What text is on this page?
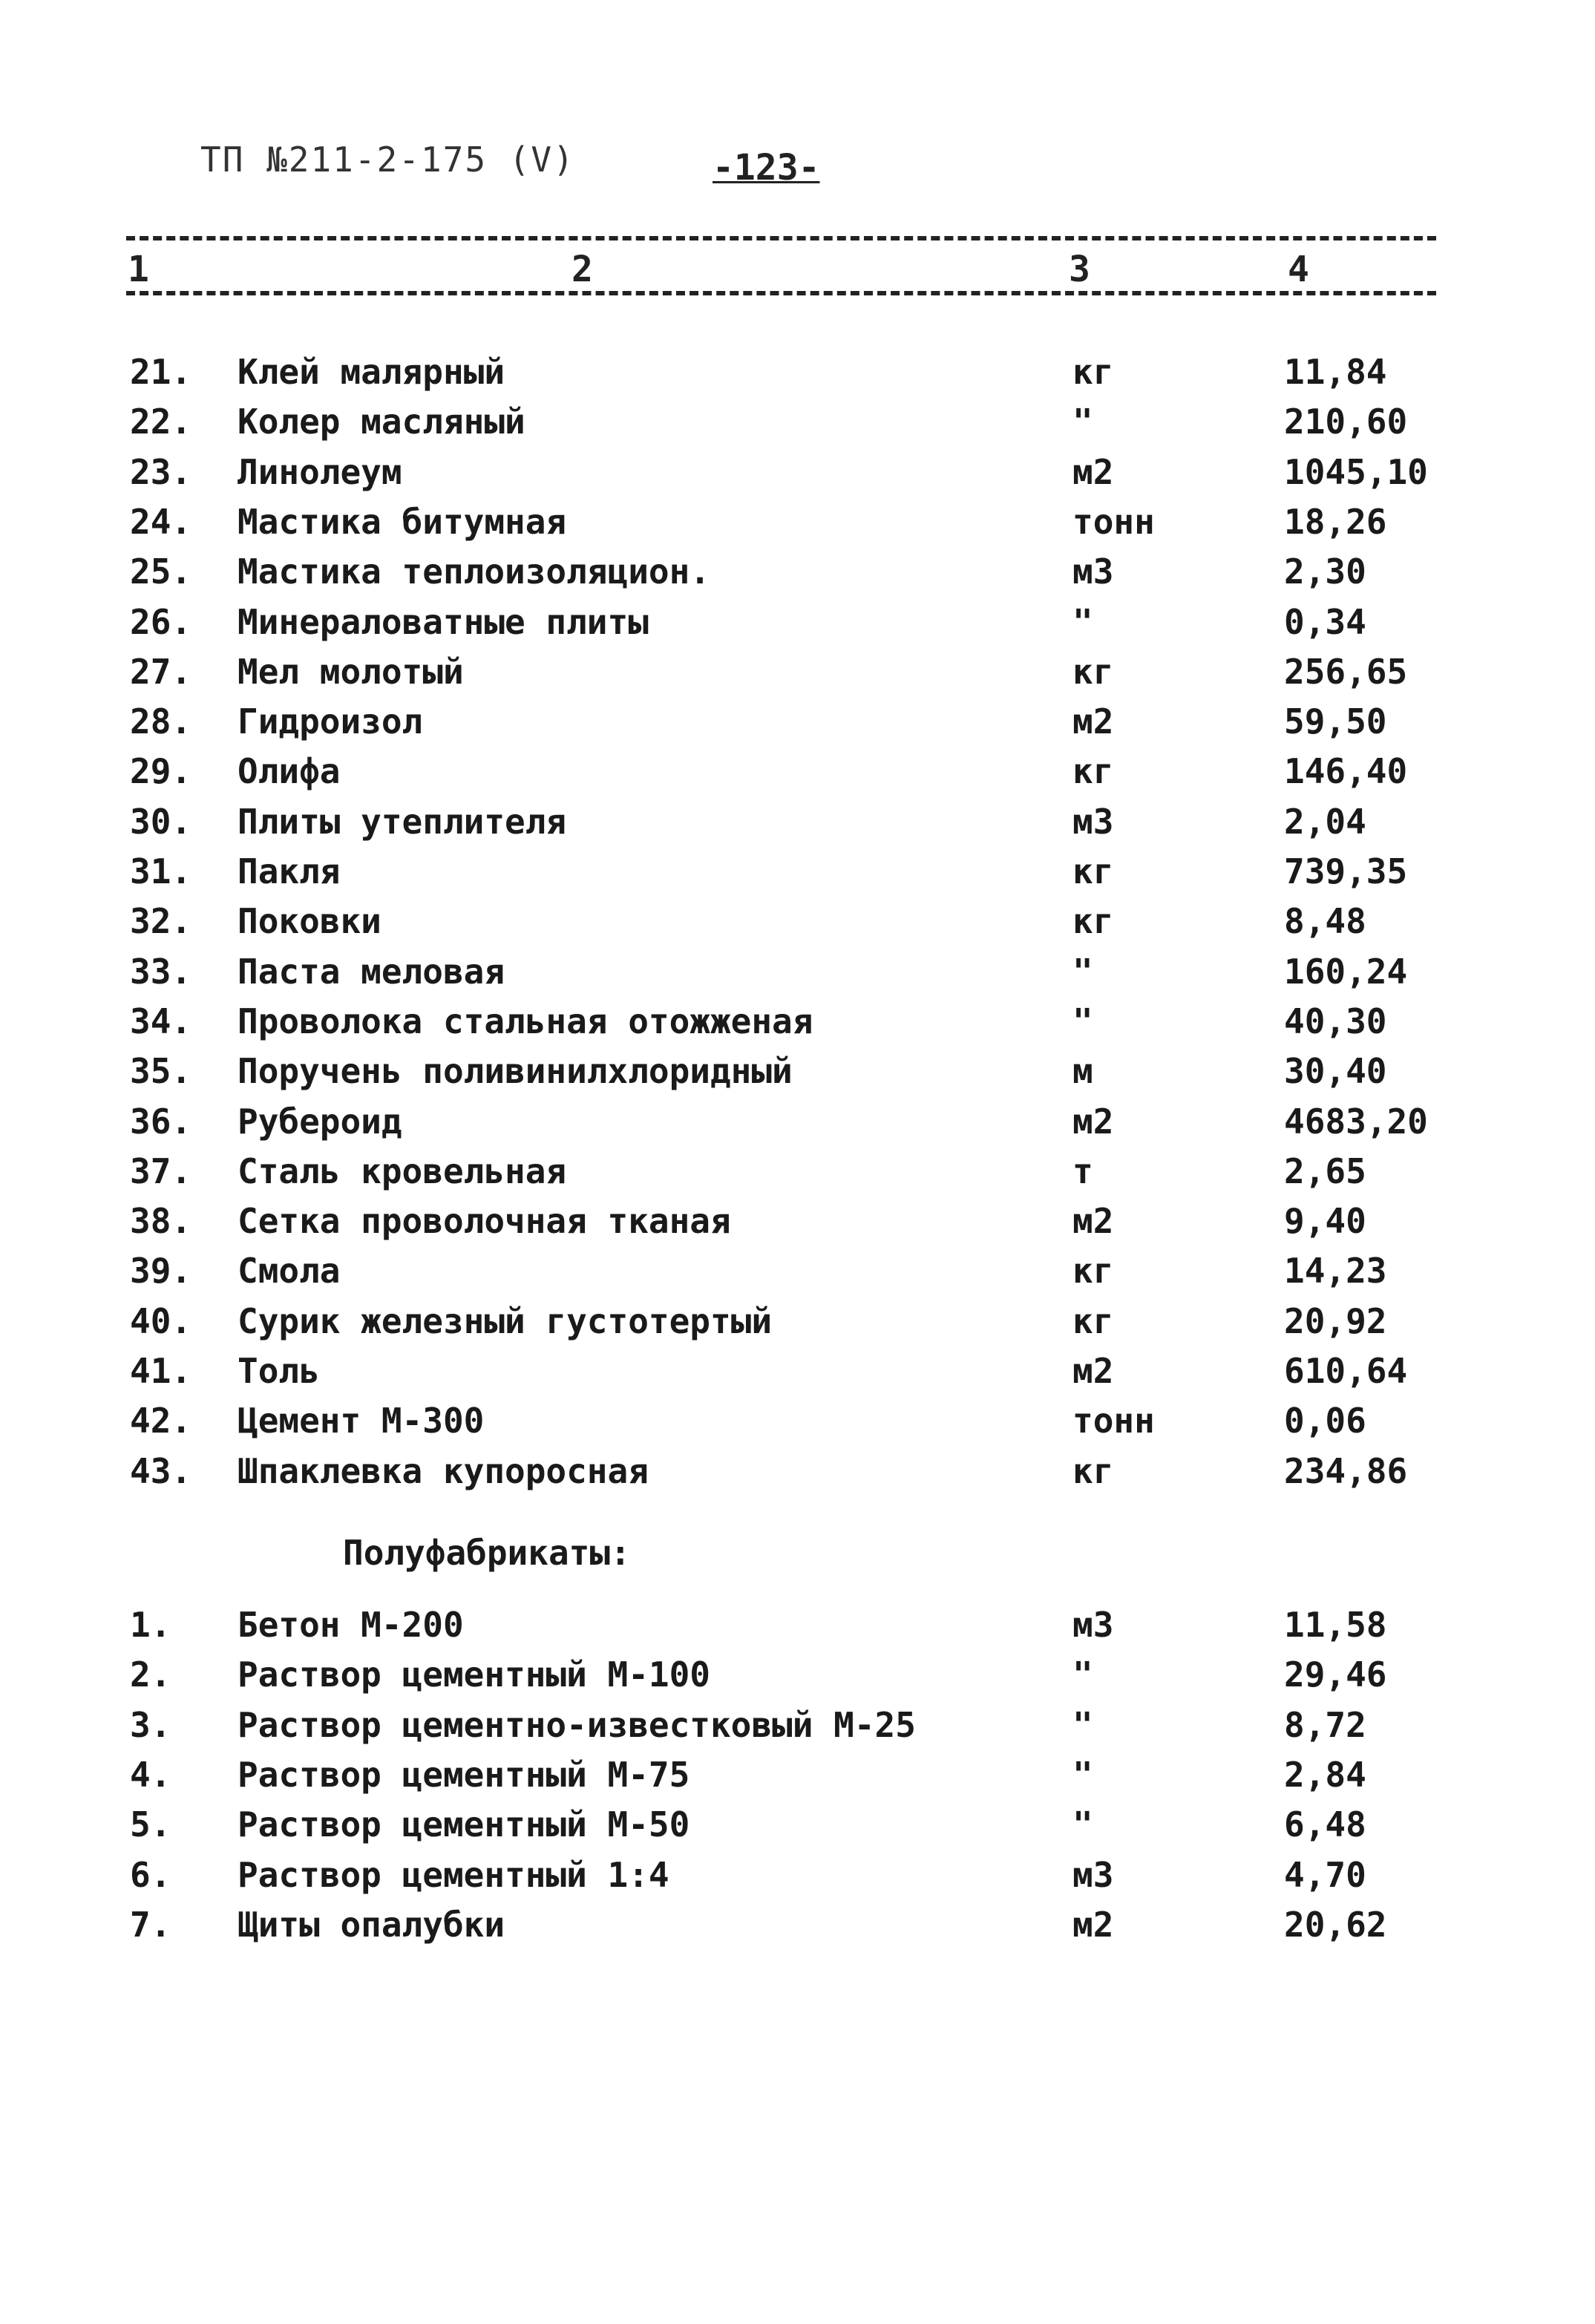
ТП №211-2-175 (V)	-123-
1	2	3	4
21. Клей малярный	кг	11,84
22. Колер масляный	"	210,60
23. Линолеум	м2	1045,10
24. Мастика битумная	тонн	18,26
25. Мастика теплоизоляцион.	м3	2,30
26. Минераловатные плиты	"	0,34
27. Мел молотый	кг	256,65
28. Гидроизол	м2	59,50
29. Олифа	кг	146,40
30. Плиты утеплителя	м3	2,04
31. Пакля	кг	739,35
32. Поковки	кг	8,48
33. Паста меловая	"	160,24
34. Проволока стальная отожженая	"	40,30
35. Поручень поливинилхлоридный	м	30,40
36. Рубероид	м2	4683,20
37. Сталь кровельная	т	2,65
38. Сетка проволочная тканая	м2	9,40
39. Смола	кг	14,23
40. Сурик железный густотертый	кг	20,92
41. Толь	м2	610,64
42. Цемент М-300	тонн	0,06
43. Шпаклевка купоросная	кг	234,86
Полуфабрикаты:
1. Бетон М-200	м3	11,58
2. Раствор цементный М-100	"	29,46
3. Раствор цементно-известковый М-25	"	8,72
4. Раствор цементный М-75	"	2,84
5. Раствор цементный М-50	"	6,48
6. Раствор цементный 1:4	м3	4,70
7. Щиты опалубки	м2	20,62
